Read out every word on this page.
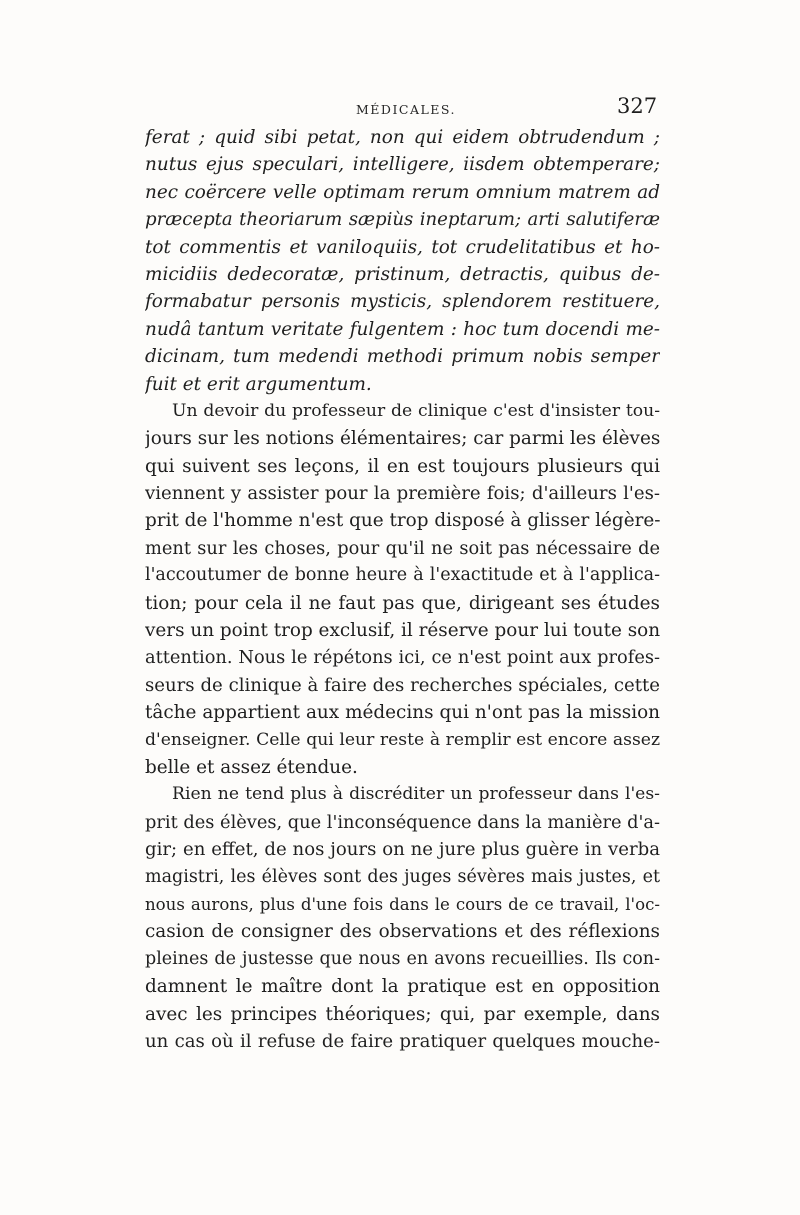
MÉDICALES.	327
ferat ; quid sibi petat, non qui eidem obtrudendum ;
nutus ejus speculari, intelligere, iisdem obtemperare;
nec coërcere velle optimam rerum omnium matrem ad
præcepta theoriarum sæpiùs ineptarum; arti salutiferæ
tot commentis et vaniloquiis, tot crudelitatibus et ho-
micidiis dedecoratæ, pristinum, detractis, quibus de-
formabatur personis mysticis, splendorem restituere,
nudâ tantum veritate fulgentem : hoc tum docendi me-
dicinam, tum medendi methodi primum nobis semper
fuit et erit argumentum.
Un devoir du professeur de clinique c'est d'insister tou-
jours sur les notions élémentaires; car parmi les élèves
qui suivent ses leçons, il en est toujours plusieurs qui
viennent y assister pour la première fois; d'ailleurs l'es-
prit de l'homme n'est que trop disposé à glisser légère-
ment sur les choses, pour qu'il ne soit pas nécessaire de
l'accoutumer de bonne heure à l'exactitude et à l'applica-
tion; pour cela il ne faut pas que, dirigeant ses études
vers un point trop exclusif, il réserve pour lui toute son
attention. Nous le répétons ici, ce n'est point aux profes-
seurs de clinique à faire des recherches spéciales, cette
tâche appartient aux médecins qui n'ont pas la mission
d'enseigner. Celle qui leur reste à remplir est encore assez
belle et assez étendue.
Rien ne tend plus à discréditer un professeur dans l'es-
prit des élèves, que l'inconséquence dans la manière d'a-
gir; en effet, de nos jours on ne jure plus guère in verba
magistri, les élèves sont des juges sévères mais justes, et
nous aurons, plus d'une fois dans le cours de ce travail, l'oc-
casion de consigner des observations et des réflexions
pleines de justesse que nous en avons recueillies. Ils con-
damnent le maître dont la pratique est en opposition
avec les principes théoriques; qui, par exemple, dans
un cas où il refuse de faire pratiquer quelques mouche-
